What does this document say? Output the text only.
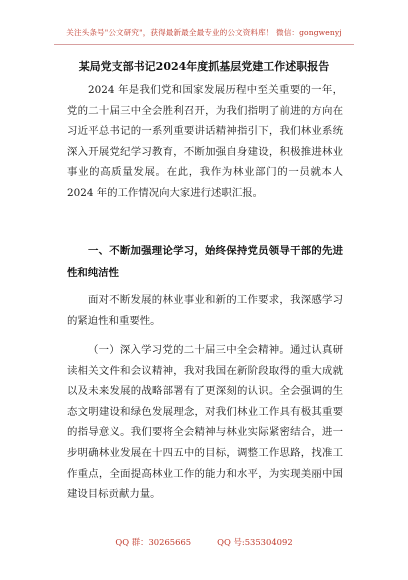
关注头条号"公文研究"，获得最新最全最专业的公文资料库！ 微信：gongwenyj
某局党支部书记2024年度抓基层党建工作述职报告

2024 年是我们党和国家发展历程中至关重要的一年，党的二十届三中全会胜利召开，为我们指明了前进的方向在习近平总书记的一系列重要讲话精神指引下，我们林业系统深入开展党纪学习教育，不断加强自身建设，积极推进林业事业的高质量发展。在此，我作为林业部门的一员就本人 2024 年的工作情况向大家进行述职汇报。

一、不断加强理论学习，始终保持党员领导干部的先进性和纯洁性

面对不断发展的林业事业和新的工作要求，我深感学习的紧迫性和重要性。

（一）深入学习党的二十届三中全会精神。通过认真研读相关文件和会议精神，我对我国在新阶段取得的重大成就以及未来发展的战略部署有了更深刻的认识。全会强调的生态文明建设和绿色发展理念，对我们林业工作具有极其重要的指导意义。我们要将全会精神与林业实际紧密结合，进一步明确林业发展在十四五中的目标，调整工作思路，找准工作重点，全面提高林业工作的能力和水平，为实现美丽中国建设目标贡献力量。

QQ 群：30265665	QQ 号:535304092
